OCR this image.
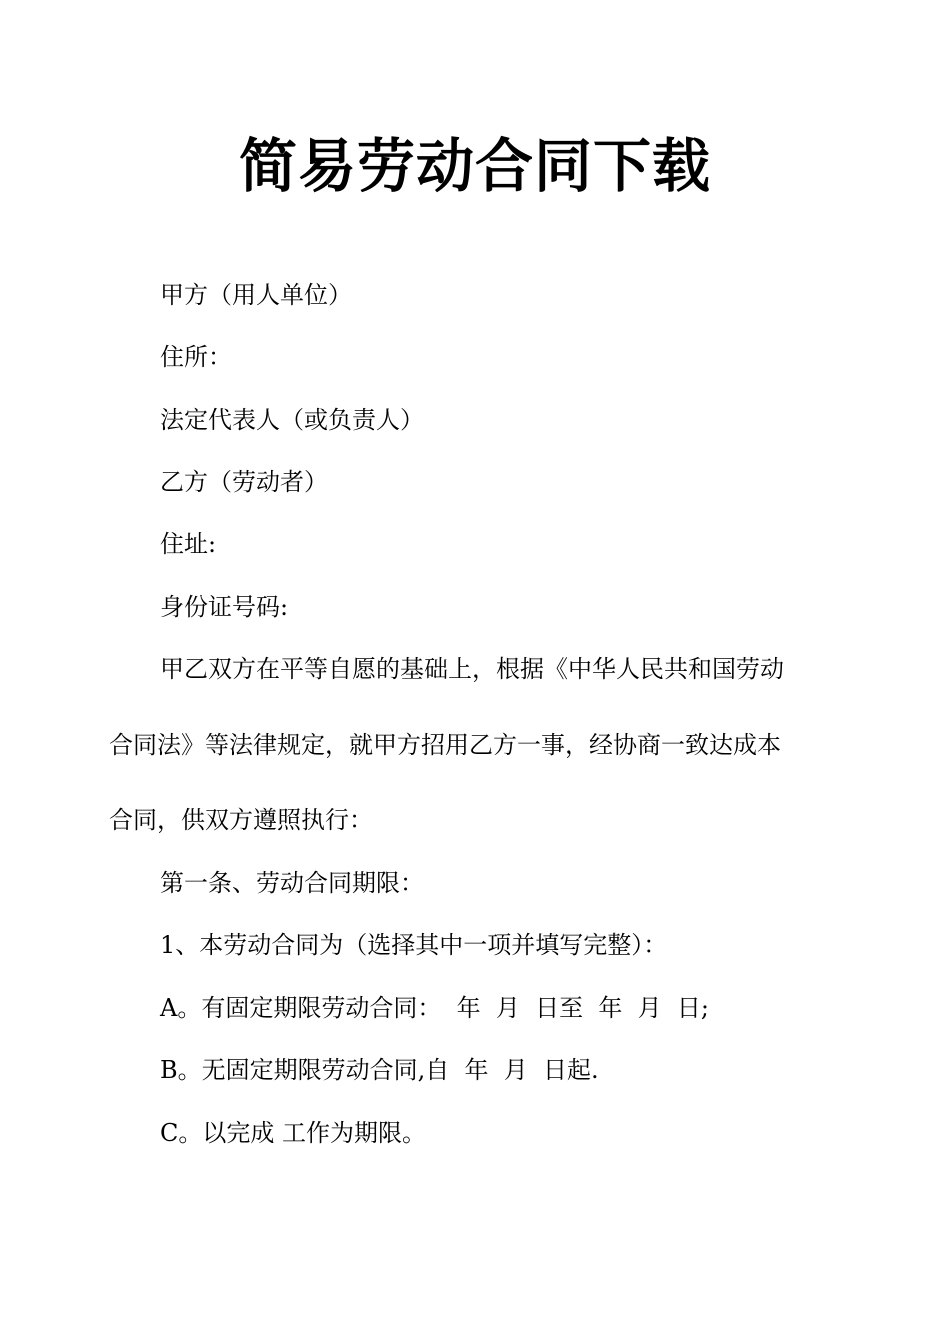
简易劳动合同下载

甲方（用人单位）

住所：

法定代表人（或负责人）

乙方（劳动者）

住址:

身份证号码:

甲乙双方在平等自愿的基础上，根据《中华人民共和国劳动

合同法》等法律规定，就甲方招用乙方一事，经协商一致达成本

合同，供双方遵照执行：

第一条、劳动合同期限：

1、本劳动合同为（选择其中一项并填写完整）：

A。有固定期限劳动合同：  年  月  日至  年  月  日;

B。无固定期限劳动合同,自  年  月  日起.

C。以完成 工作为期限。
